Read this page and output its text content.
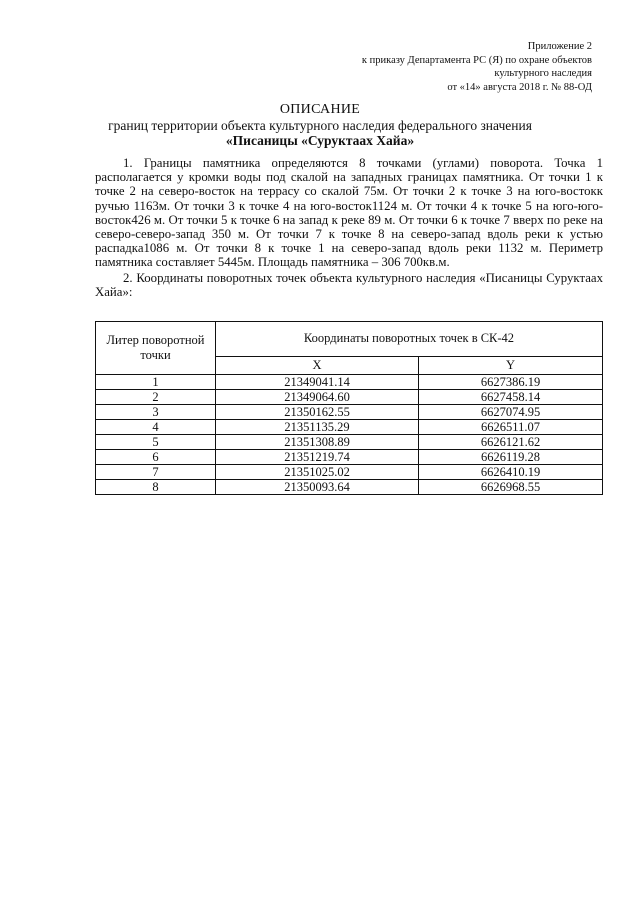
Приложение 2
к приказу Департамента РС (Я) по охране объектов
культурного наследия
от «14» августа 2018 г. № 88-ОД
ОПИСАНИЕ
границ территории объекта культурного наследия федерального значения
«Писаницы «Суруктаах Хайа»

1. Границы памятника определяются 8 точками (углами) поворота. Точка 1 располагается у кромки воды под скалой на западных границах памятника. От точки 1 к точке 2 на северо-восток на террасу со скалой 75м. От точки 2 к точке 3 на юго-востокк ручью 1163м. От точки 3 к точке 4 на юго-восток1124 м. От точки 4 к точке 5 на юго-юго-восток426 м. От точки 5 к точке 6 на запад к реке 89 м. От точки 6 к точке 7 вверх по реке на северо-северо-запад 350 м. От точки 7 к точке 8 на северо-запад вдоль реки к устью распадка1086 м. От точки 8 к точке 1 на северо-запад вдоль реки 1132 м. Периметр памятника составляет 5445м. Площадь памятника – 306 700кв.м.

2. Координаты поворотных точек объекта культурного наследия «Писаницы Суруктаах Хайа»:

Литер поворотной точки	Координаты поворотных точек в СК-42	
	X	Y
1	21349041.14	6627386.19
2	21349064.60	6627458.14
3	21350162.55	6627074.95
4	21351135.29	6626511.07
5	21351308.89	6626121.62
6	21351219.74	6626119.28
7	21351025.02	6626410.19
8	21350093.64	6626968.55
